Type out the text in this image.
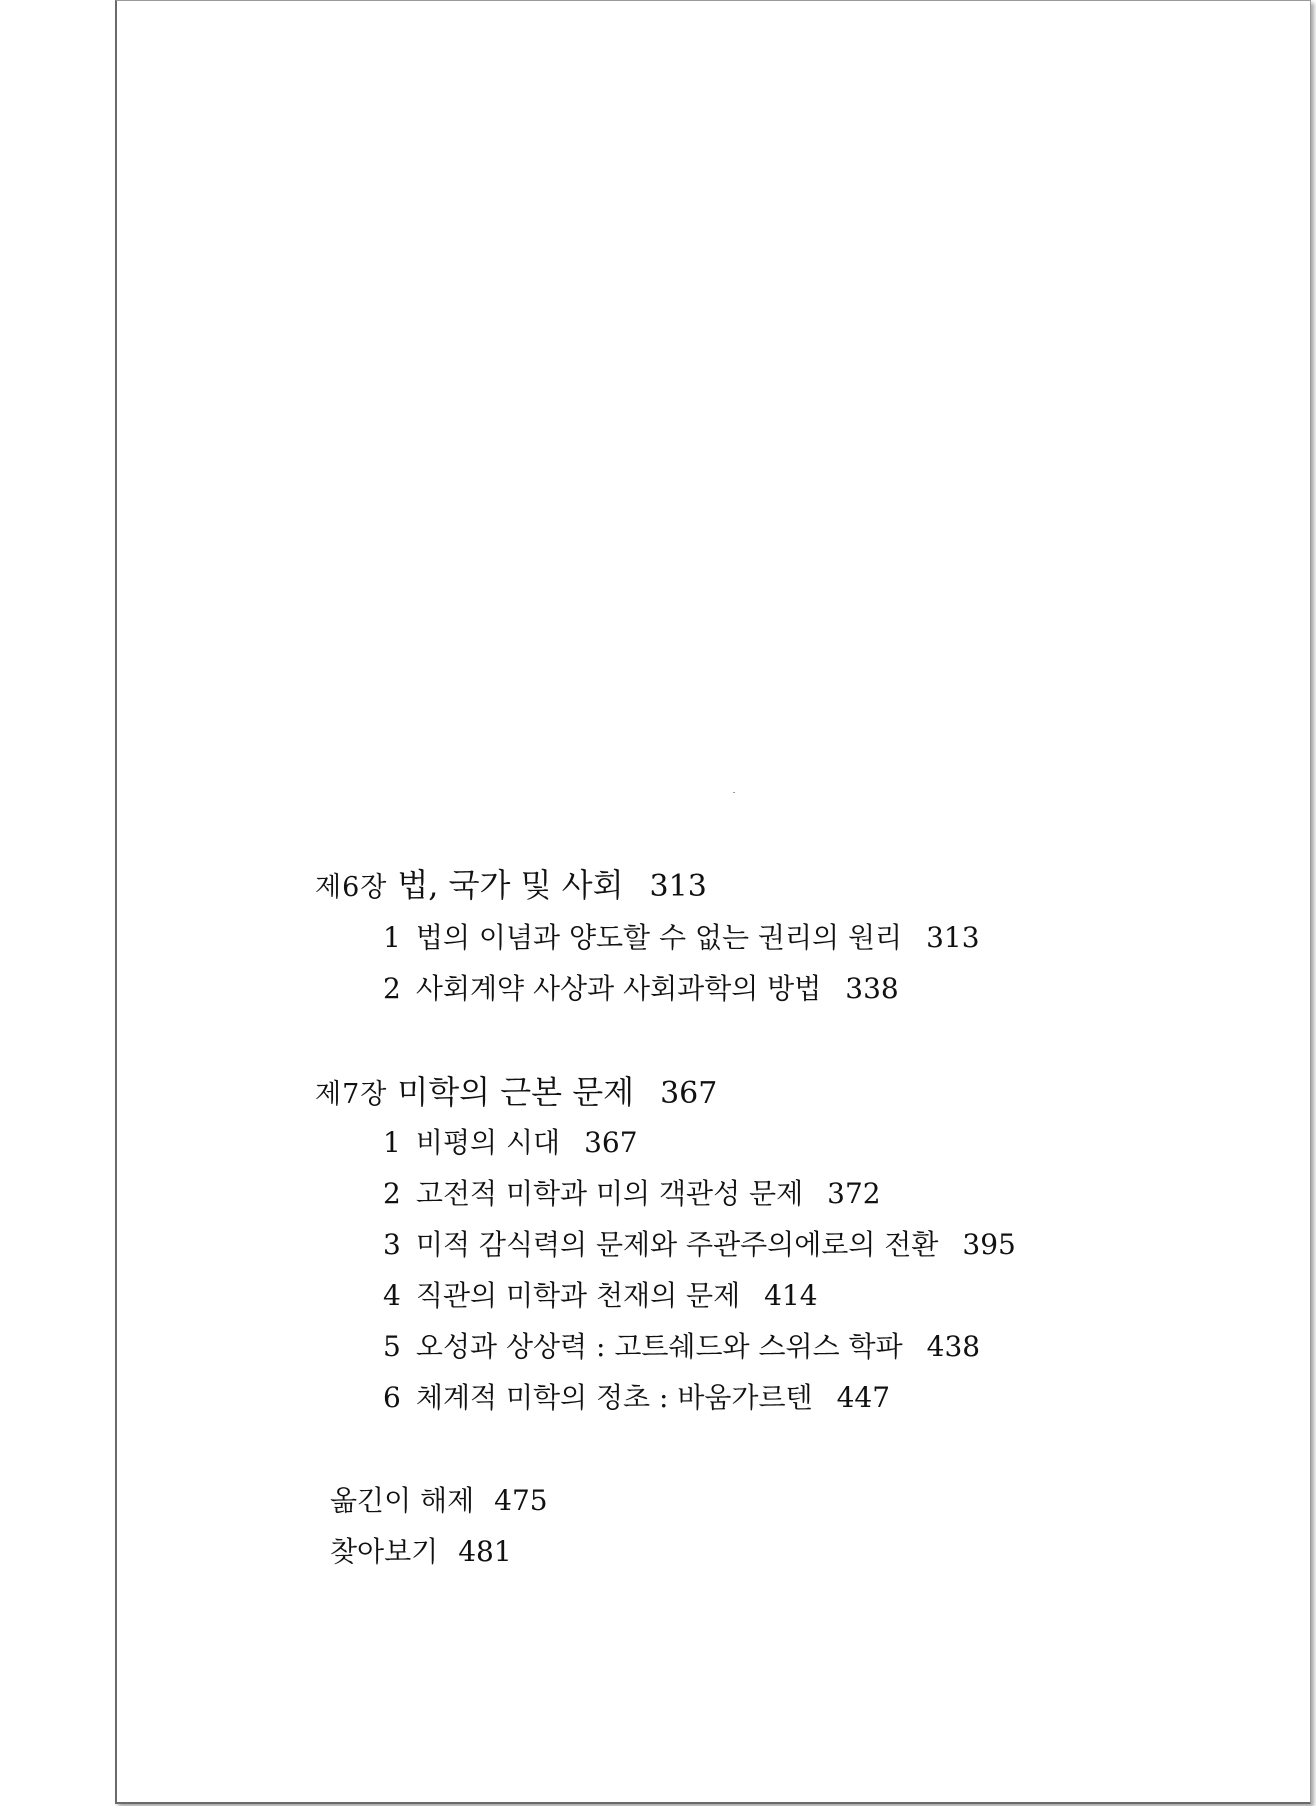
제6장 법, 국가 및 사회 313
1 법의 이념과 양도할 수 없는 권리의 원리 313
2 사회계약 사상과 사회과학의 방법 338
제7장 미학의 근본 문제 367
1 비평의 시대 367
2 고전적 미학과 미의 객관성 문제 372
3 미적 감식력의 문제와 주관주의에로의 전환 395
4 직관의 미학과 천재의 문제 414
5 오성과 상상력 : 고트쉐드와 스위스 학파 438
6 체계적 미학의 정초 : 바움가르텐 447
옮긴이 해제 475
찾아보기 481
